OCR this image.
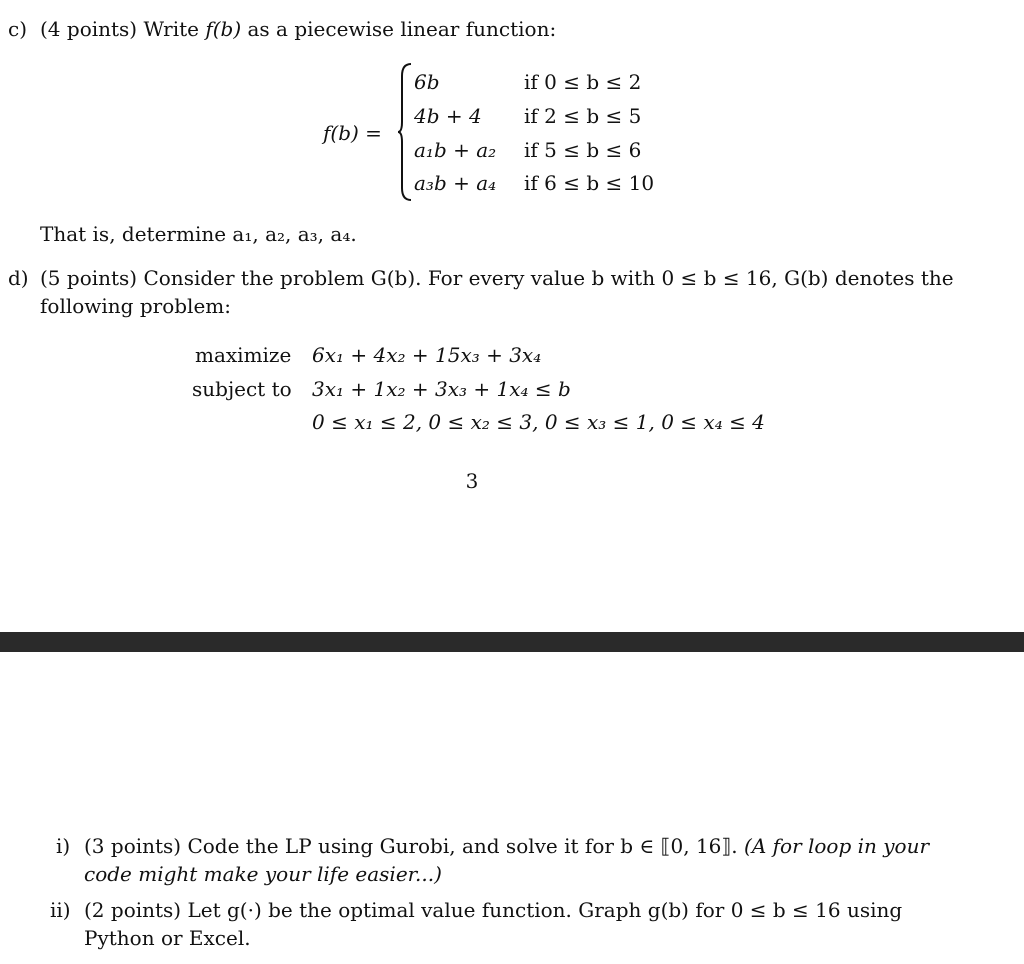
c) (4 points) Write f(b) as a piecewise linear function:
f(b) =
6b	if 0 ≤ b ≤ 2
4b + 4 if 2 ≤ b ≤ 5
a₁b + a₂ if 5 ≤ b ≤ 6
a₃b + a₄ if 6 ≤ b ≤ 10
That is, determine a₁, a₂, a₃, a₄.
d) (5 points) Consider the problem G(b). For every value b with 0 ≤ b ≤ 16, G(b) denotes the
following problem:
maximize 6x₁ + 4x₂ + 15x₃ + 3x₄
subject to 3x₁ + 1x₂ + 3x₃ + 1x₄ ≤ b
0 ≤ x₁ ≤ 2, 0 ≤ x₂ ≤ 3, 0 ≤ x₃ ≤ 1, 0 ≤ x₄ ≤ 4
3
i) (3 points) Code the LP using Gurobi, and solve it for b ∈ ⟦0, 16⟧. (A for loop in your
code might make your life easier...)
ii) (2 points) Let g(·) be the optimal value function. Graph g(b) for 0 ≤ b ≤ 16 using
Python or Excel.
